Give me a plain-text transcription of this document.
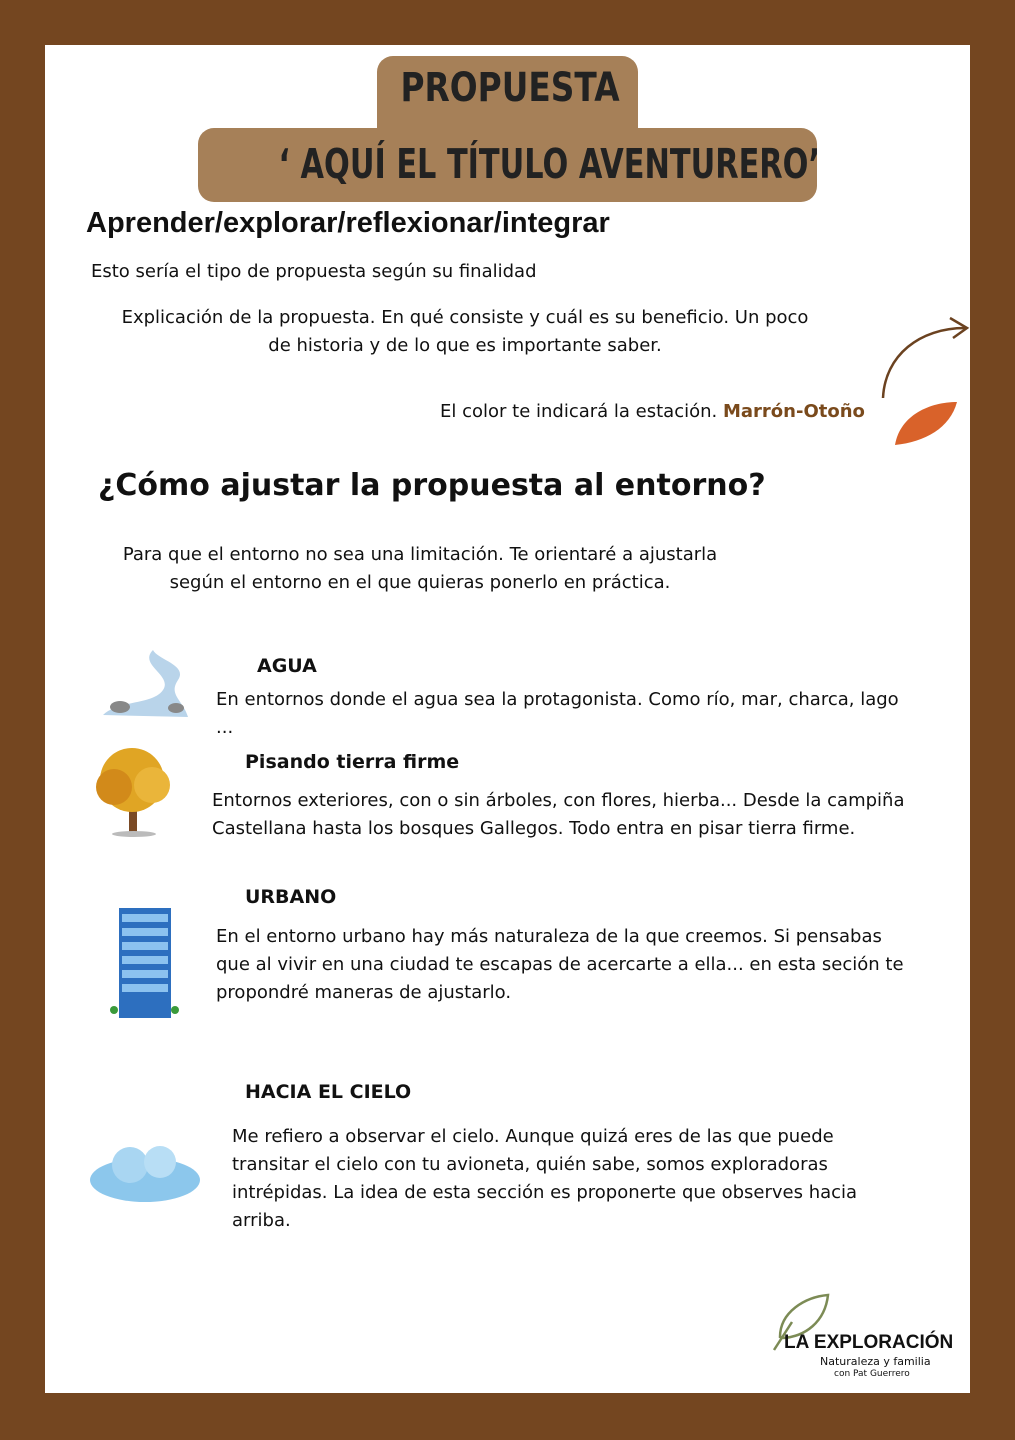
PROPUESTA
‘ AQUÍ EL TÍTULO AVENTURERO’
Aprender/explorar/reflexionar/integrar
Esto sería el tipo de propuesta según su finalidad
Explicación de la propuesta. En qué consiste y cuál es su beneficio. Un poco de historia y de lo que es importante saber.
El color te indicará la estación. Marrón-Otoño
¿Cómo ajustar la propuesta al entorno?
Para que el entorno no sea una limitación. Te orientaré a ajustarla según el entorno en el que quieras ponerlo en práctica.
AGUA
En entornos donde el agua sea la protagonista. Como río, mar, charca, lago ...
Pisando tierra firme
Entornos exteriores, con o sin árboles, con flores, hierba... Desde la campiña Castellana hasta los bosques Gallegos. Todo entra en pisar tierra firme.
URBANO
En el entorno urbano hay más naturaleza de la que creemos. Si pensabas que al vivir en una ciudad te escapas de acercarte a ella... en esta seción te propondré maneras de ajustarlo.
HACIA EL CIELO
Me refiero a observar el cielo. Aunque quizá eres de las que puede transitar el cielo con tu avioneta, quién sabe, somos exploradoras intrépidas. La idea de esta sección es proponerte que observes hacia arriba.
LA EXPLORACIÓN
Naturaleza y familia
con Pat Guerrero
